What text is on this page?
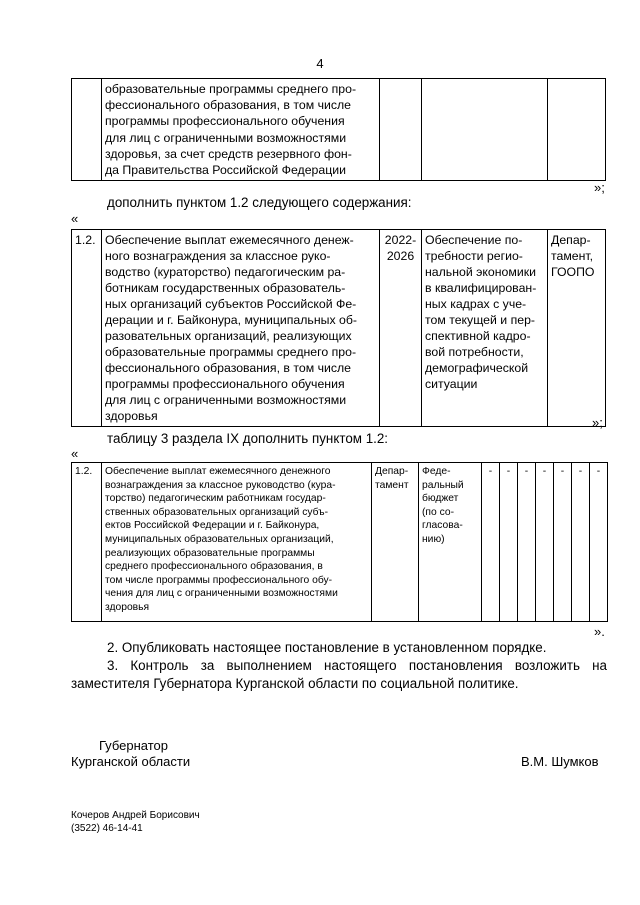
4
	образовательные программы среднего про-
фессионального образования, в том числе
программы профессионального обучения
для лиц с ограниченными возможностями
здоровья, за счет средств резервного фон-
да Правительства Российской Федерации			
»;
дополнить пунктом 1.2 следующего содержания:
«
1.2.	Обеспечение выплат ежемесячного денеж-
ного вознаграждения за классное руко-
водство (кураторство) педагогическим ра-
ботникам государственных образователь-
ных организаций субъектов Российской Фе-
дерации и г. Байконура, муниципальных об-
разовательных организаций, реализующих
образовательные программы среднего про-
фессионального образования, в том числе
программы профессионального обучения
для лиц с ограниченными возможностями
здоровья	2022-
2026	Обеспечение по-
требности регио-
нальной экономики
в квалифицирован-
ных кадрах с уче-
том текущей и пер-
спективной кадро-
вой потребности,
демографической
ситуации	Депар-
тамент,
ГООПО
»;
таблицу 3 раздела IX дополнить пунктом 1.2:
«
1.2.	Обеспечение выплат ежемесячного денежного
вознаграждения за классное руководство (кура-
торство) педагогическим работникам государ-
ственных образовательных организаций субъ-
ектов Российской Федерации и г. Байконура,
муниципальных образовательных организаций,
реализующих образовательные программы
среднего профессионального образования, в
том числе программы профессионального обу-
чения для лиц с ограниченными возможностями
здоровья	Депар-
тамент	Феде-
ральный
бюджет
(по со-
гласова-
нию)	-	-	-	-	-	-	-
».
2. Опубликовать настоящее постановление в установленном порядке.
3. Контроль за выполнением настоящего постановления возложить на
заместителя Губернатора Курганской области по социальной политике.
Губернатор
Курганской области	В.М. Шумков
Кочеров Андрей Борисович
(3522) 46-14-41
